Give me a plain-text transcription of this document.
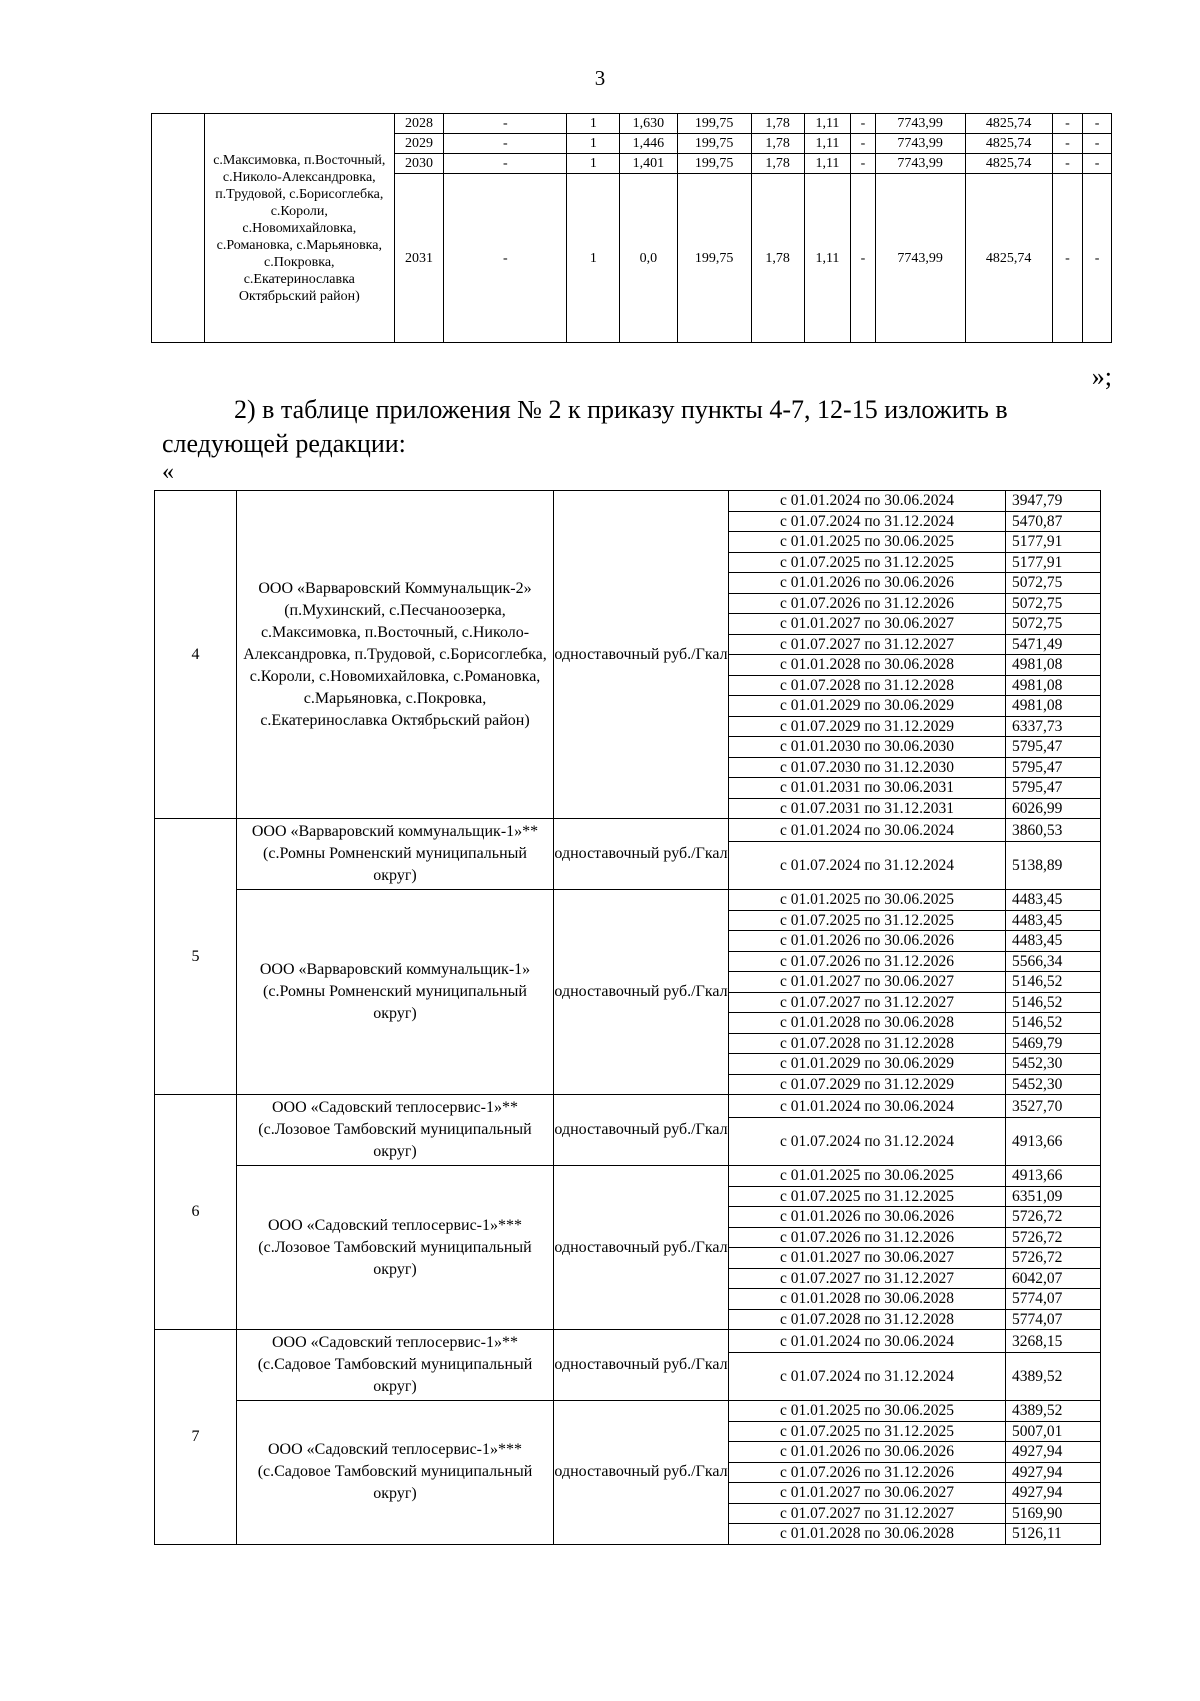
3
	с.Максимовка, п.Восточный, с.Николо-Александровка, п.Трудовой, с.Борисоглебка, с.Короли, с.Новомихайловка, с.Романовка, с.Марьяновка, с.Покровка, с.Екатеринославка Октябрьский район)	2028	-	1	1,630	199,75	1,78	1,11	-	7743,99	4825,74	-	-
		2029	-	1	1,446	199,75	1,78	1,11	-	7743,99	4825,74	-	-
		2030	-	1	1,401	199,75	1,78	1,11	-	7743,99	4825,74	-	-
		2031	-	1	0,0	199,75	1,78	1,11	-	7743,99	4825,74	-	-
»;
2) в таблице приложения № 2 к приказу пункты 4-7, 12-15 изложить в
следующей редакции:
«
4	ООО «Варваровский Коммунальщик-2» (п.Мухинский, с.Песчаноозерка, с.Максимовка, п.Восточный, с.Николо-Александровка, п.Трудовой, с.Борисоглебка, с.Короли, с.Новомихайловка, с.Романовка, с.Марьяновка, с.Покровка, с.Екатеринославка Октябрьский район)	одноставочный руб./Гкал	с 01.01.2024 по 30.06.2024	3947,79
			с 01.07.2024 по 31.12.2024	5470,87
			с 01.01.2025 по 30.06.2025	5177,91
			с 01.07.2025 по 31.12.2025	5177,91
			с 01.01.2026 по 30.06.2026	5072,75
			с 01.07.2026 по 31.12.2026	5072,75
			с 01.01.2027 по 30.06.2027	5072,75
			с 01.07.2027 по 31.12.2027	5471,49
			с 01.01.2028 по 30.06.2028	4981,08
			с 01.07.2028 по 31.12.2028	4981,08
			с 01.01.2029 по 30.06.2029	4981,08
			с 01.07.2029 по 31.12.2029	6337,73
			с 01.01.2030 по 30.06.2030	5795,47
			с 01.07.2030 по 31.12.2030	5795,47
			с 01.01.2031 по 30.06.2031	5795,47
			с 01.07.2031 по 31.12.2031	6026,99
5	ООО «Варваровский коммунальщик-1»** (с.Ромны Ромненский муниципальный округ)	одноставочный руб./Гкал	с 01.01.2024 по 30.06.2024	3860,53
			с 01.07.2024 по 31.12.2024	5138,89
	ООО «Варваровский коммунальщик-1» (с.Ромны Ромненский муниципальный округ)	одноставочный руб./Гкал	с 01.01.2025 по 30.06.2025	4483,45
			с 01.07.2025 по 31.12.2025	4483,45
			с 01.01.2026 по 30.06.2026	4483,45
			с 01.07.2026 по 31.12.2026	5566,34
			с 01.01.2027 по 30.06.2027	5146,52
			с 01.07.2027 по 31.12.2027	5146,52
			с 01.01.2028 по 30.06.2028	5146,52
			с 01.07.2028 по 31.12.2028	5469,79
			с 01.01.2029 по 30.06.2029	5452,30
			с 01.07.2029 по 31.12.2029	5452,30
6	ООО «Садовский теплосервис-1»** (с.Лозовое Тамбовский муниципальный округ)	одноставочный руб./Гкал	с 01.01.2024 по 30.06.2024	3527,70
			с 01.07.2024 по 31.12.2024	4913,66
	ООО «Садовский теплосервис-1»*** (с.Лозовое Тамбовский муниципальный округ)	одноставочный руб./Гкал	с 01.01.2025 по 30.06.2025	4913,66
			с 01.07.2025 по 31.12.2025	6351,09
			с 01.01.2026 по 30.06.2026	5726,72
			с 01.07.2026 по 31.12.2026	5726,72
			с 01.01.2027 по 30.06.2027	5726,72
			с 01.07.2027 по 31.12.2027	6042,07
			с 01.01.2028 по 30.06.2028	5774,07
			с 01.07.2028 по 31.12.2028	5774,07
7	ООО «Садовский теплосервис-1»** (с.Садовое Тамбовский муниципальный округ)	одноставочный руб./Гкал	с 01.01.2024 по 30.06.2024	3268,15
			с 01.07.2024 по 31.12.2024	4389,52
	ООО «Садовский теплосервис-1»*** (с.Садовое Тамбовский муниципальный округ)	одноставочный руб./Гкал	с 01.01.2025 по 30.06.2025	4389,52
			с 01.07.2025 по 31.12.2025	5007,01
			с 01.01.2026 по 30.06.2026	4927,94
			с 01.07.2026 по 31.12.2026	4927,94
			с 01.01.2027 по 30.06.2027	4927,94
			с 01.07.2027 по 31.12.2027	5169,90
			с 01.01.2028 по 30.06.2028	5126,11
